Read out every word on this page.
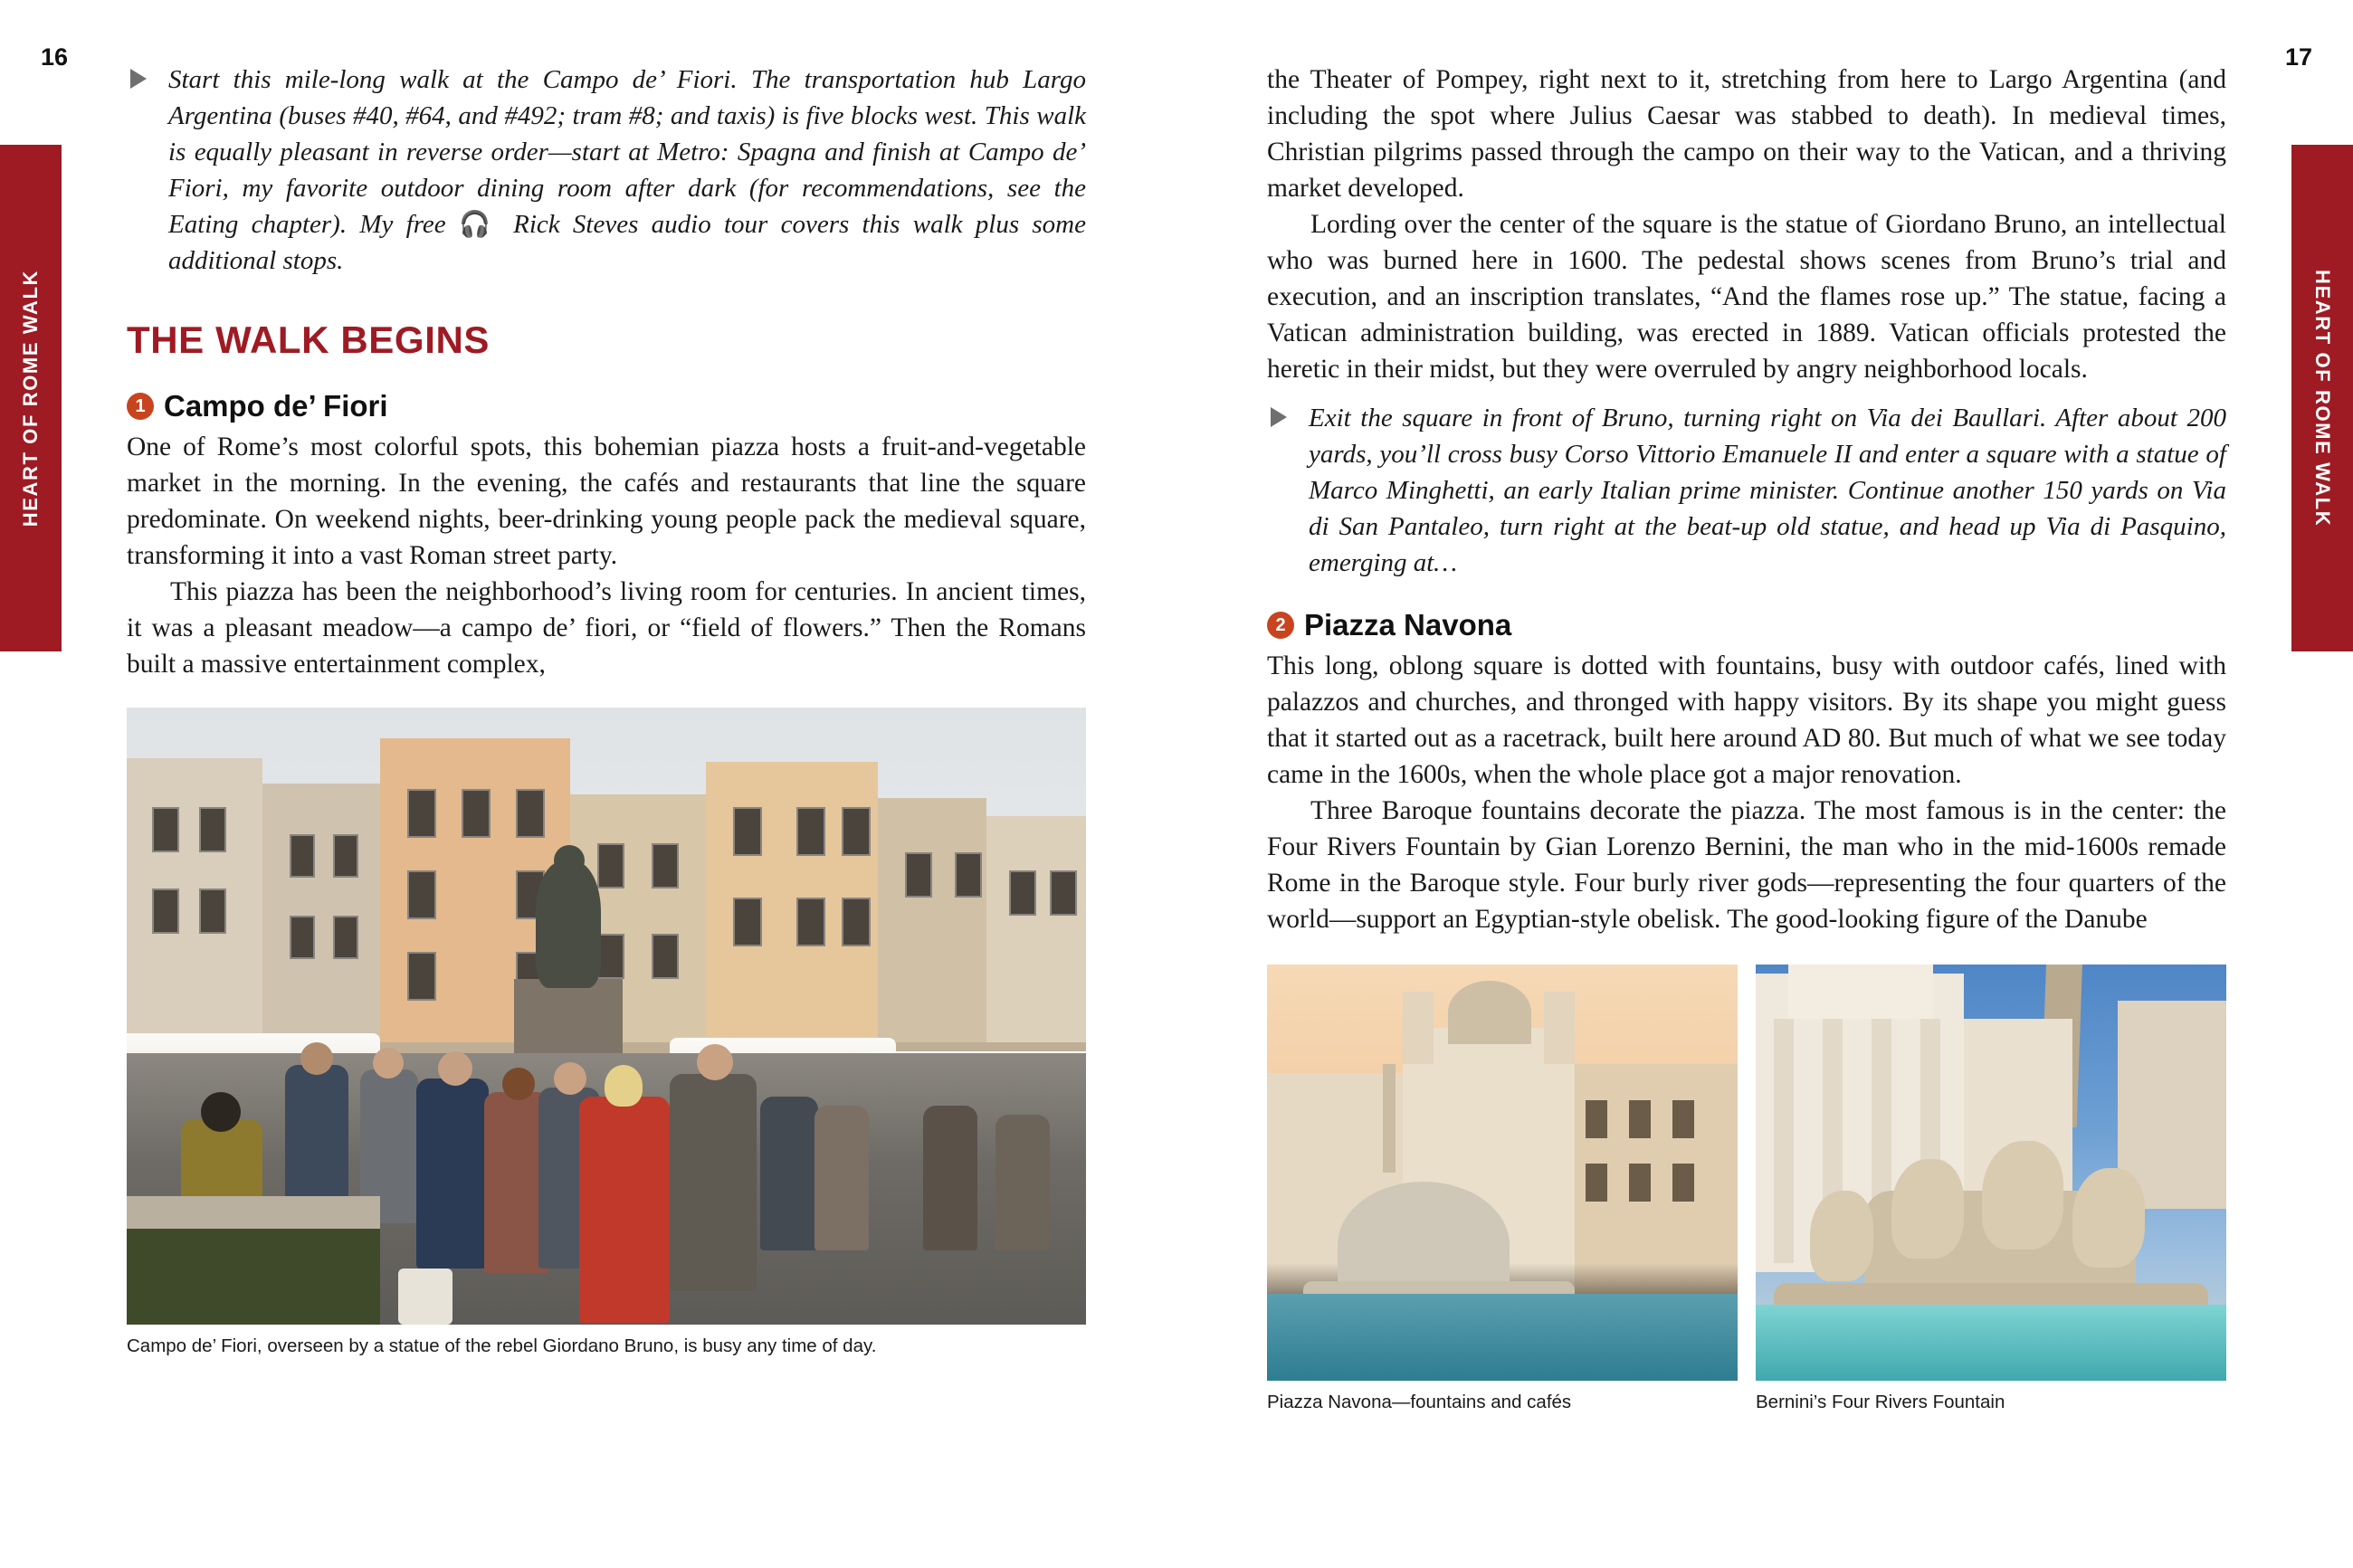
HEART OF ROME WALK
16
Start this mile-long walk at the Campo de’ Fiori. The transportation hub Largo Argentina (buses #40, #64, and #492; tram #8; and taxis) is five blocks west. This walk is equally pleasant in reverse order—start at Metro: Spagna and finish at Campo de’ Fiori, my favorite outdoor dining room after dark (for recommendations, see the Eating chapter). My free 🎧 Rick Steves audio tour covers this walk plus some additional stops.
THE WALK BEGINS
1 Campo de’ Fiori

One of Rome’s most colorful spots, this bohemian piazza hosts a fruit-and-vegetable market in the morning. In the evening, the cafés and restaurants that line the square predominate. On weekend nights, beer-drinking young people pack the medieval square, transforming it into a vast Roman street party.

This piazza has been the neighborhood’s living room for centuries. In ancient times, it was a pleasant meadow—a campo de’ fiori, or “field of flowers.” Then the Romans built a massive entertainment complex,

Campo de’ Fiori, overseen by a statue of the rebel Giordano Bruno, is busy any time of day.
HEART OF ROME WALK
17

the Theater of Pompey, right next to it, stretching from here to Largo Argentina (and including the spot where Julius Caesar was stabbed to death). In medieval times, Christian pilgrims passed through the campo on their way to the Vatican, and a thriving market developed.

Lording over the center of the square is the statue of Giordano Bruno, an intellectual who was burned here in 1600. The pedestal shows scenes from Bruno’s trial and execution, and an inscription translates, “And the flames rose up.” The statue, facing a Vatican administration building, was erected in 1889. Vatican officials protested the heretic in their midst, but they were overruled by angry neighborhood locals.

Exit the square in front of Bruno, turning right on Via dei Baullari. After about 200 yards, you’ll cross busy Corso Vittorio Emanuele II and enter a square with a statue of Marco Minghetti, an early Italian prime minister. Continue another 150 yards on Via di San Pantaleo, turn right at the beat-up old statue, and head up Via di Pasquino, emerging at…
2 Piazza Navona

This long, oblong square is dotted with fountains, busy with outdoor cafés, lined with palazzos and churches, and thronged with happy visitors. By its shape you might guess that it started out as a racetrack, built here around AD 80. But much of what we see today came in the 1600s, when the whole place got a major renovation.

Three Baroque fountains decorate the piazza. The most famous is in the center: the Four Rivers Fountain by Gian Lorenzo Bernini, the man who in the mid-1600s remade Rome in the Baroque style. Four burly river gods—representing the four quarters of the world—support an Egyptian-style obelisk. The good-looking figure of the Danube

Piazza Navona—fountains and cafés	Bernini’s Four Rivers Fountain
